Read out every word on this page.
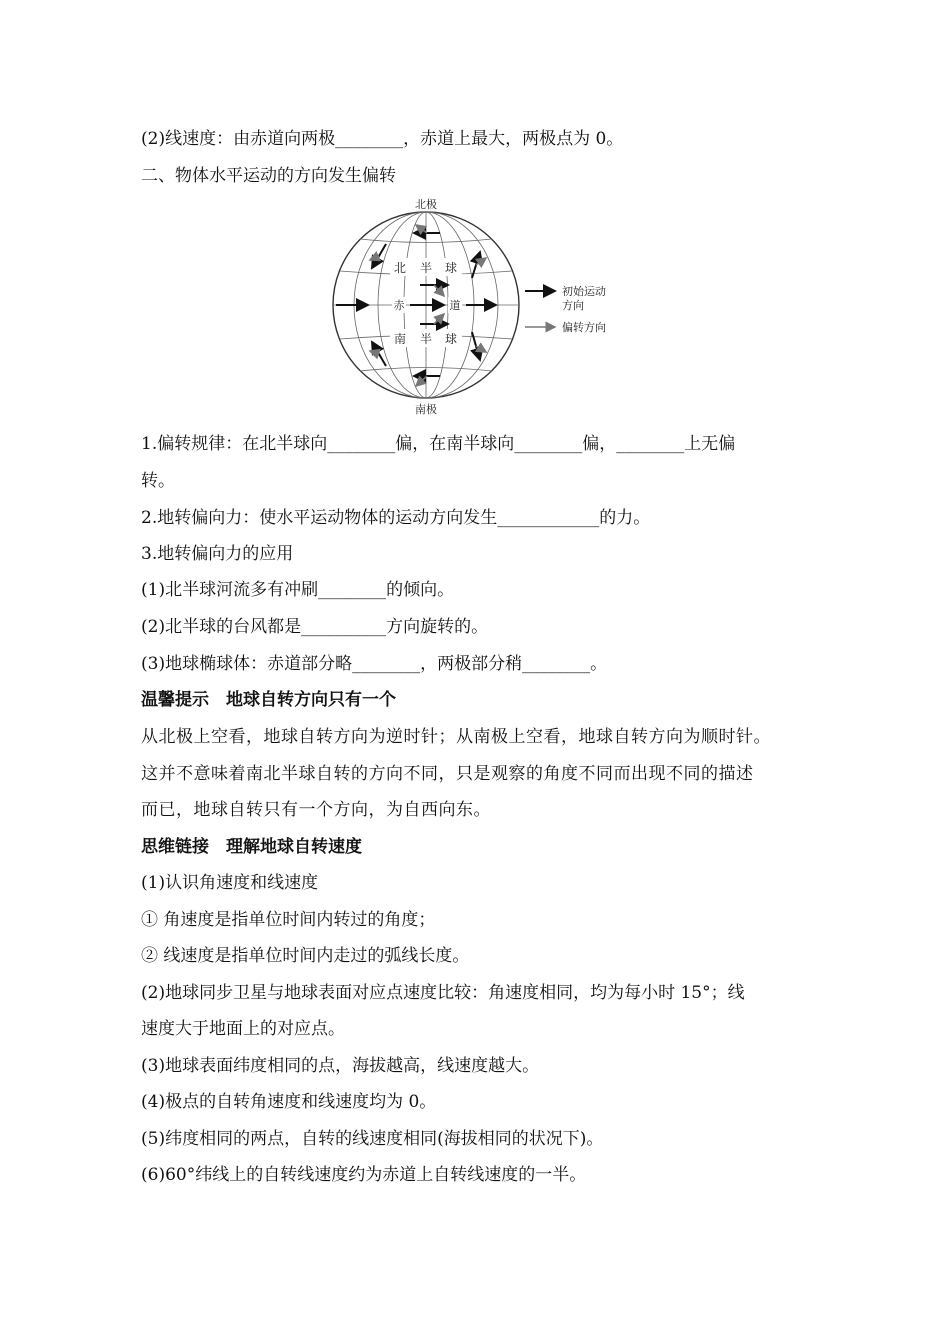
(2)线速度：由赤道向两极________，赤道上最大，两极点为 0。
二、物体水平运动的方向发生偏转
北极
南极
北 半 球
南 半 球
赤	道
初始运动
方向
偏转方向
1.偏转规律：在北半球向________偏，在南半球向________偏，________上无偏
转。
2.地转偏向力：使水平运动物体的运动方向发生____________的力。
3.地转偏向力的应用
(1)北半球河流多有冲刷________的倾向。
(2)北半球的台风都是__________方向旋转的。
(3)地球椭球体：赤道部分略________，两极部分稍________。
温馨提示　地球自转方向只有一个
从北极上空看，地球自转方向为逆时针；从南极上空看，地球自转方向为顺时针。
这并不意味着南北半球自转的方向不同，只是观察的角度不同而出现不同的描述
而已，地球自转只有一个方向，为自西向东。
思维链接　理解地球自转速度
(1)认识角速度和线速度
① 角速度是指单位时间内转过的角度；
② 线速度是指单位时间内走过的弧线长度。
(2)地球同步卫星与地球表面对应点速度比较：角速度相同，均为每小时 15°；线
速度大于地面上的对应点。
(3)地球表面纬度相同的点，海拔越高，线速度越大。
(4)极点的自转角速度和线速度均为 0。
(5)纬度相同的两点，自转的线速度相同(海拔相同的状况下)。
(6)60°纬线上的自转线速度约为赤道上自转线速度的一半。
